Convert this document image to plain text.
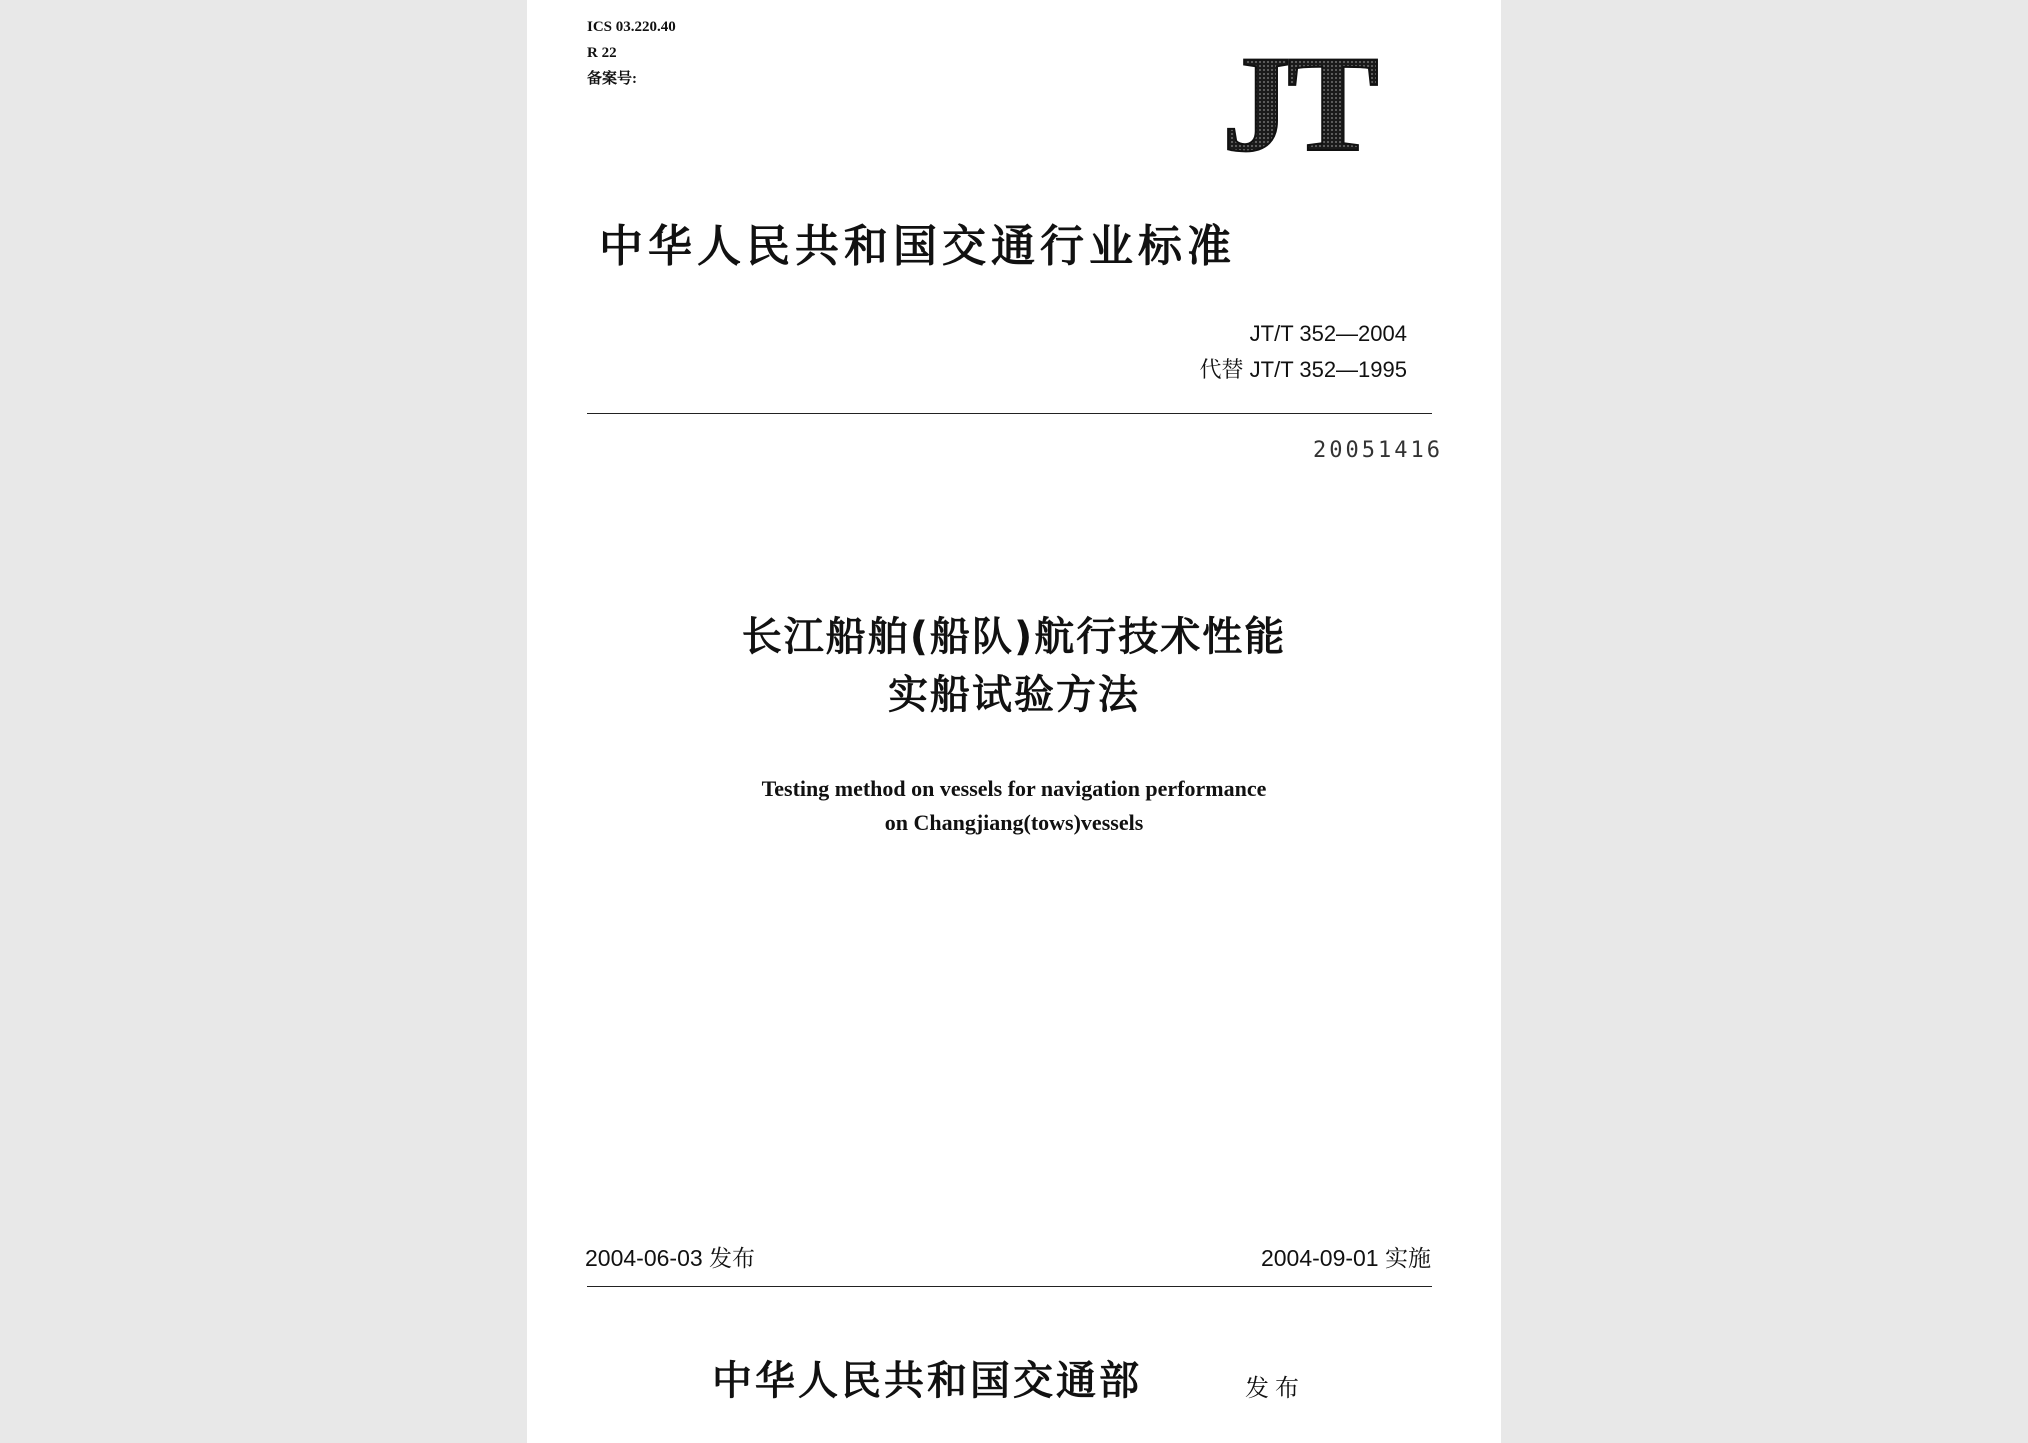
ICS 03.220.40
R 22
备案号:	JT
中华人民共和国交通行业标准
JT/T 352—2004
代替 JT/T 352—1995
20051416
长江船舶(船队)航行技术性能
实船试验方法
Testing method on vessels for navigation performance
on Changjiang(tows)vessels
2004-06-03 发布	2004-09-01 实施
中华人民共和国交通部	发布
